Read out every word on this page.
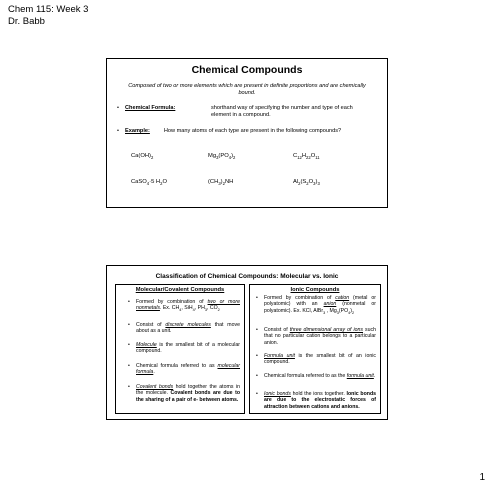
Chem 115: Week 3
Dr. Babb
Chemical Compounds
Composed of two or more elements which are present in definite proportions and are chemically bound.
• Chemical Formula:	shorthand way of specifying the number and type of each element in a compound.
• Example:	How many atoms of each type are present in the following compounds?
$Ca(OH)_2$	$Mg_3(PO_4)_2$	$C_{12}H_{22}O_{11}$
CaSO$_4$·5 $H_2O$	$(CH_3)_2NH$	$Al_2(S_2O_3)_3$
Classification of Chemical Compounds: Molecular vs. Ionic
Molecular/Covalent Compounds
• Formed by combination of two or more nonmetals. Ex. $CH_4$, SiH$_4$, $PH_3$, $CO_2$
• Consist of discrete molecules that move about as a unit.
• Molecule is the smallest bit of a molecular compound.
• Chemical formula referred to as molecular formula.
• Covalent bonds hold together the atoms in the molecule. Covalent bonds are due to the sharing of a pair of e- between atoms.
Ionic Compounds
• Formed by combination of cation (metal or polyatomic) with an anion (nonmetal or polyatomic). Ex. KCl, AlBr$_3$ , $Mg_3(PO_4)_2$
• Consist of three dimensional array of ions such that no particular cation belongs to a particular anion.
• Formula unit is the smallest bit of an ionic compound.
• Chemical formula referred to as the formula unit.
• Ionic bonds hold the ions together. Ionic bonds are due to the electrostatic forces of attraction between cations and anions.
1
